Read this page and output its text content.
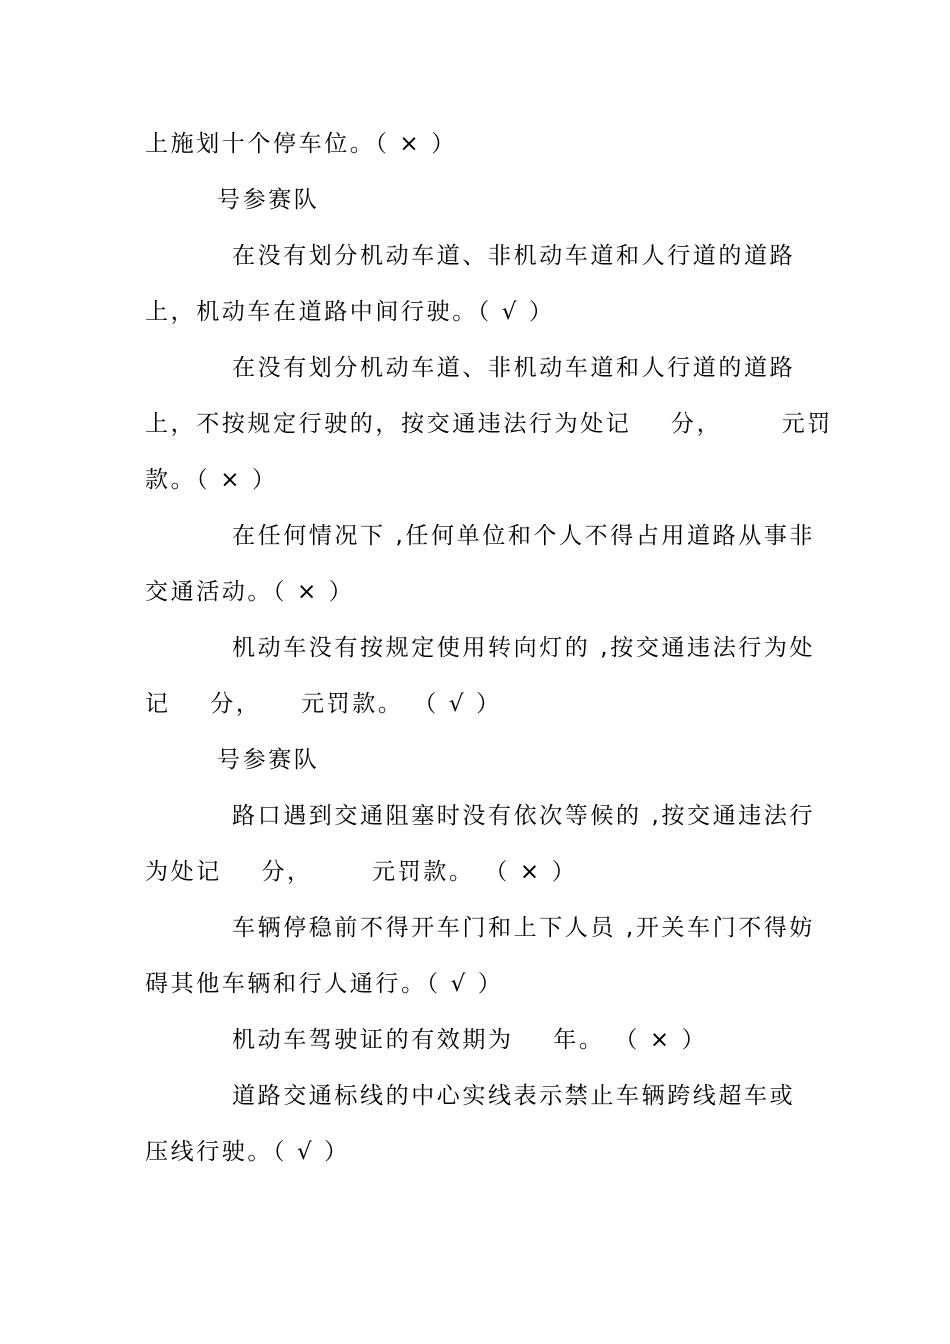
上施划十个停车位。（ × ）
号参赛队
在没有划分机动车道、非机动车道和人行道的道路
上，机动车在道路中间行驶。（ √ ）
在没有划分机动车道、非机动车道和人行道的道路
上，不按规定行驶的，按交通违法行为处记    分，      元罚
款。（ × ）
在任何情况下 ,任何单位和个人不得占用道路从事非
交通活动。（ × ）
机动车没有按规定使用转向灯的 ,按交通违法行为处
记    分，    元罚款。 （ √ ）
号参赛队
路口遇到交通阻塞时没有依次等候的 ,按交通违法行
为处记    分，      元罚款。 （ × ）
车辆停稳前不得开车门和上下人员 ,开关车门不得妨
碍其他车辆和行人通行。（ √ ）
机动车驾驶证的有效期为    年。 （ × ）
道路交通标线的中心实线表示禁止车辆跨线超车或
压线行驶。（ √ ）
